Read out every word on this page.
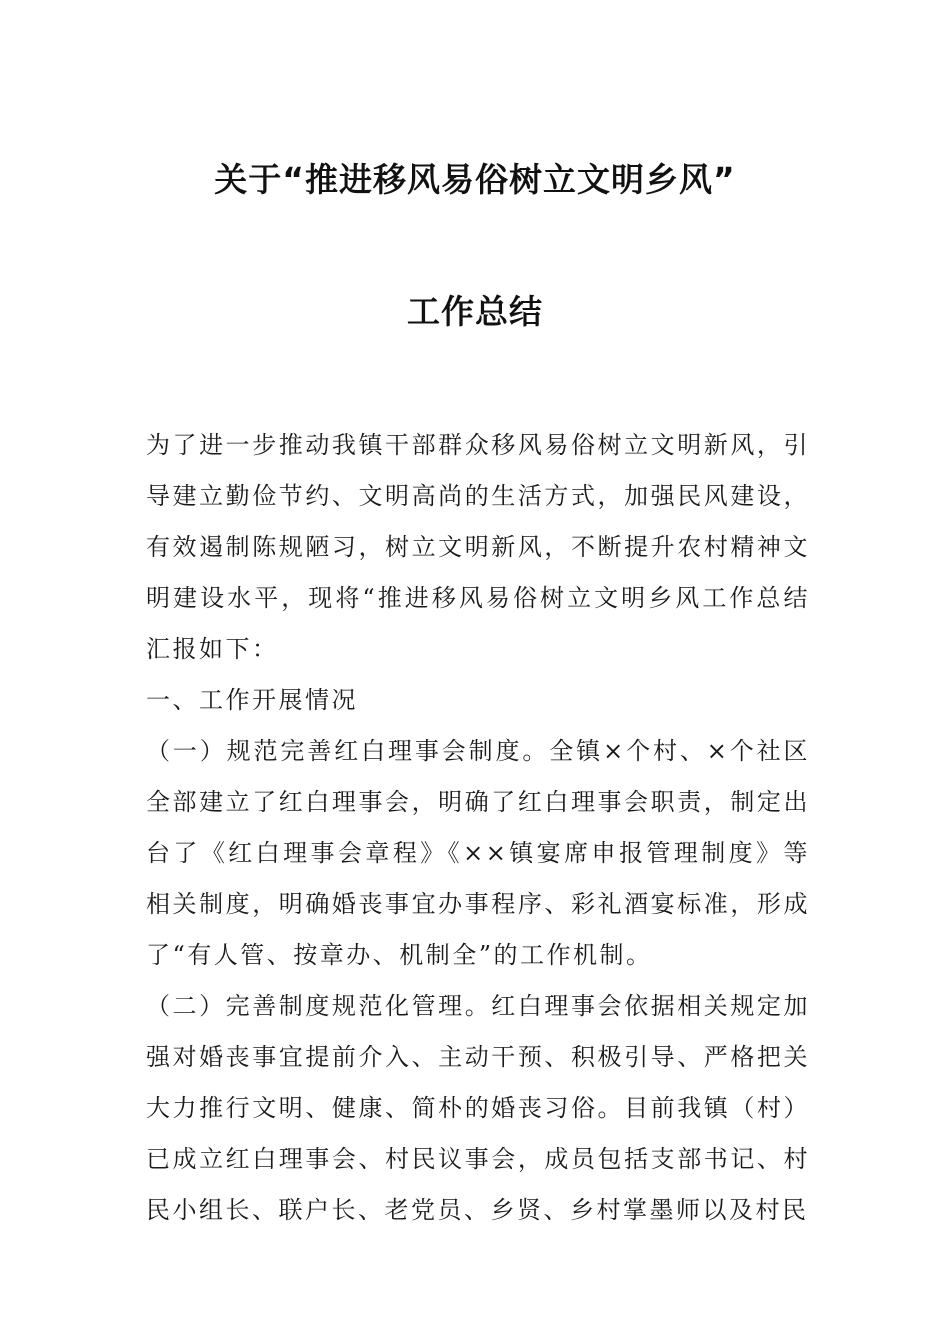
关于“推进移风易俗树立文明乡风”
工作总结

为了进一步推动我镇干部群众移风易俗树立文明新风，引导建立勤俭节约、文明高尚的生活方式，加强民风建设，有效遏制陈规陋习，树立文明新风，不断提升农村精神文明建设水平，现将“推进移风易俗树立文明乡风工作总结汇报如下：

一、工作开展情况

（一）规范完善红白理事会制度。全镇×个村、×个社区全部建立了红白理事会，明确了红白理事会职责，制定出台了《红白理事会章程》《××镇宴席申报管理制度》等相关制度，明确婚丧事宜办事程序、彩礼酒宴标准，形成了“有人管、按章办、机制全”的工作机制。

（二）完善制度规范化管理。红白理事会依据相关规定加强对婚丧事宜提前介入、主动干预、积极引导、严格把关大力推行文明、健康、简朴的婚丧习俗。目前我镇（村）已成立红白理事会、村民议事会，成员包括支部书记、村民小组长、联户长、老党员、乡贤、乡村掌墨师以及村民
